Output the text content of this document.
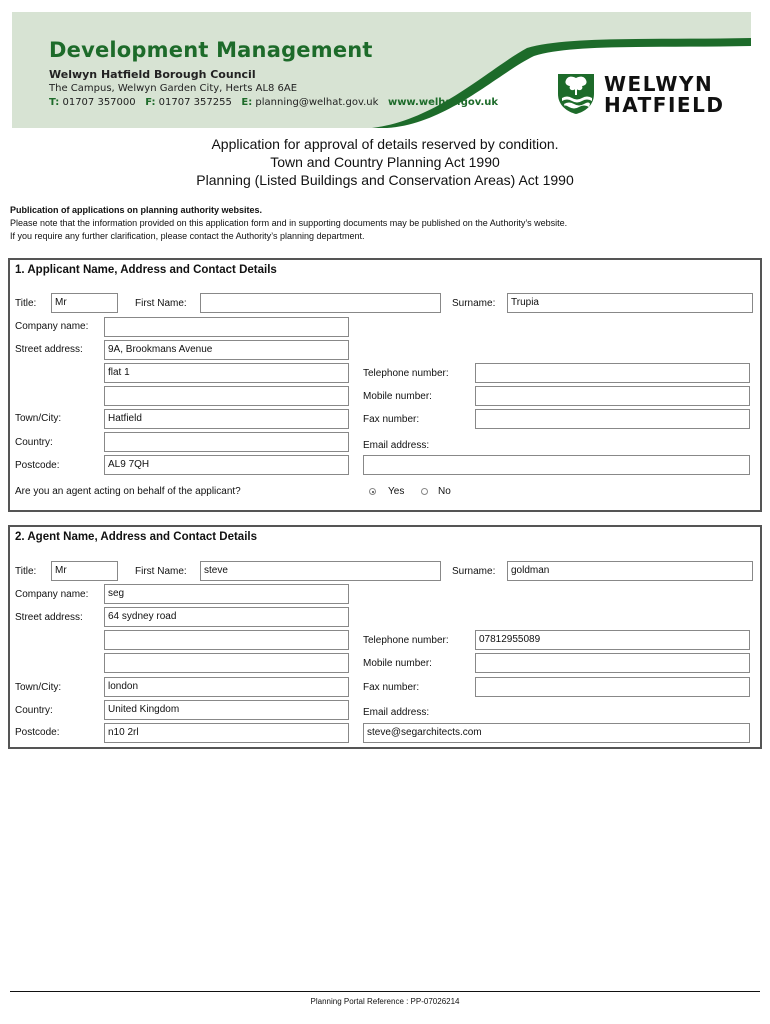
Development Management
Welwyn Hatfield Borough Council
The Campus, Welwyn Garden City, Herts AL8 6AE
T: 01707 357000 F: 01707 357255 E: planning@welhat.gov.uk www.welhat.gov.uk
WELWYN
HATFIELD
Application for approval of details reserved by condition.
Town and Country Planning Act 1990
Planning (Listed Buildings and Conservation Areas) Act 1990
Publication of applications on planning authority websites.
Please note that the information provided on this application form and in supporting documents may be published on the Authority’s website.
If you require any further clarification, please contact the Authority’s planning department.
1. Applicant Name, Address and Contact Details
Title:	Mr	First Name:	Surname:	Trupia
Company name:
Street address:	9A, Brookmans Avenue
flat 1	Telephone number:
Mobile number:
Town/City:	Hatfield	Fax number:
Country:	Email address:
Postcode:	AL9 7QH
Are you an agent acting on behalf of the applicant?	Yes	No
2. Agent Name, Address and Contact Details
Title:	Mr	First Name:	steve	Surname:	goldman
Company name:	seg
Street address:	64 sydney road
Telephone number:	07812955089
Mobile number:
Town/City:	london	Fax number:
Country:	United Kingdom	Email address:
Postcode:	n10 2rl	steve@segarchitects.com
Planning Portal Reference : PP-07026214
